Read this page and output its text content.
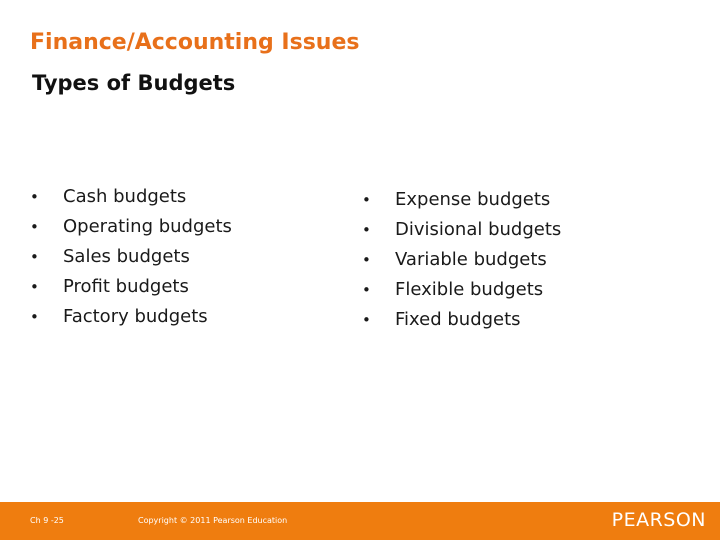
Finance/Accounting Issues
Types of Budgets
• Cash budgets
• Operating budgets
• Sales budgets
• Profit budgets
• Factory budgets
• Expense budgets
• Divisional budgets
• Variable budgets
• Flexible budgets
• Fixed budgets
Ch 9 -25	Copyright © 2011 Pearson Education	PEARSON
